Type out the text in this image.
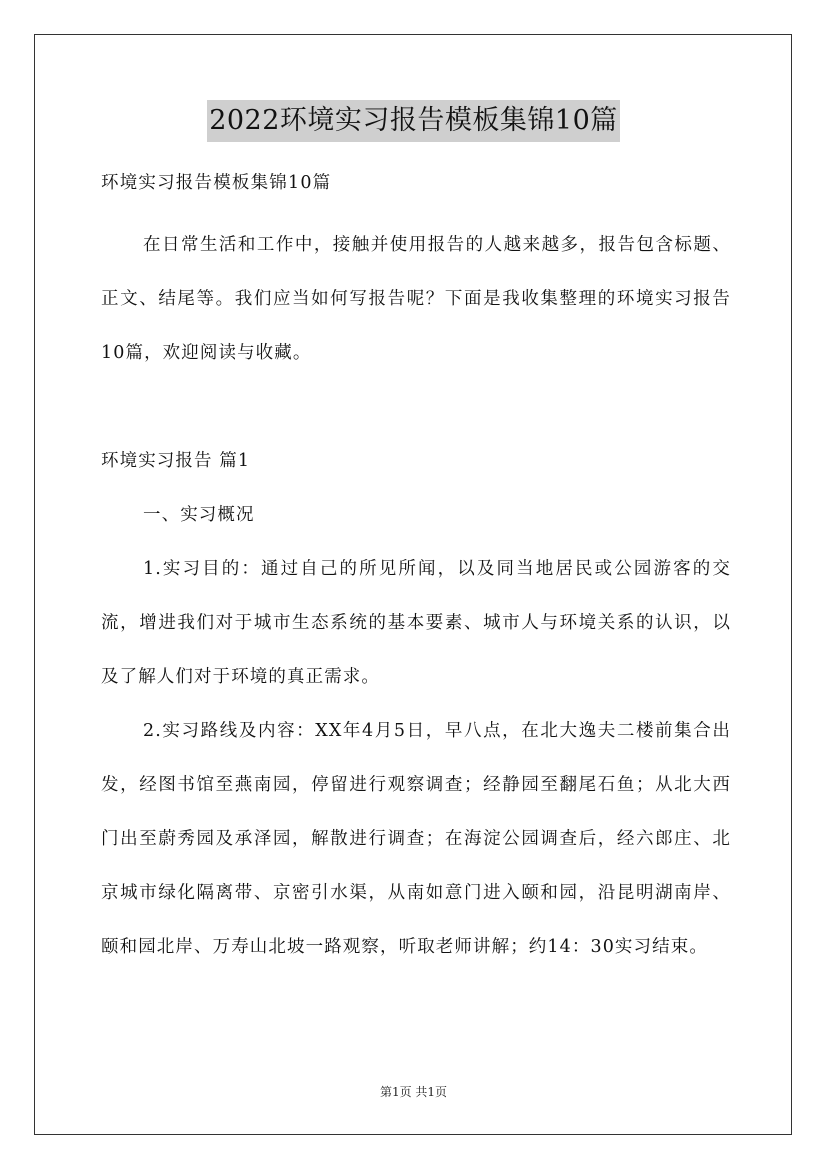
2022环境实习报告模板集锦10篇

环境实习报告模板集锦10篇

在日常生活和工作中，接触并使用报告的人越来越多，报告包含标题、正文、结尾等。我们应当如何写报告呢？下面是我收集整理的环境实习报告10篇，欢迎阅读与收藏。

环境实习报告 篇1

一、实习概况

1.实习目的：通过自己的所见所闻，以及同当地居民或公园游客的交流，增进我们对于城市生态系统的基本要素、城市人与环境关系的认识，以及了解人们对于环境的真正需求。

2.实习路线及内容：XX年4月5日，早八点，在北大逸夫二楼前集合出发，经图书馆至燕南园，停留进行观察调查；经静园至翻尾石鱼；从北大西门出至蔚秀园及承泽园，解散进行调查；在海淀公园调查后，经六郎庄、北京城市绿化隔离带、京密引水渠，从南如意门进入颐和园，沿昆明湖南岸、颐和园北岸、万寿山北坡一路观察，听取老师讲解；约14：30实习结束。

第1页 共1页
